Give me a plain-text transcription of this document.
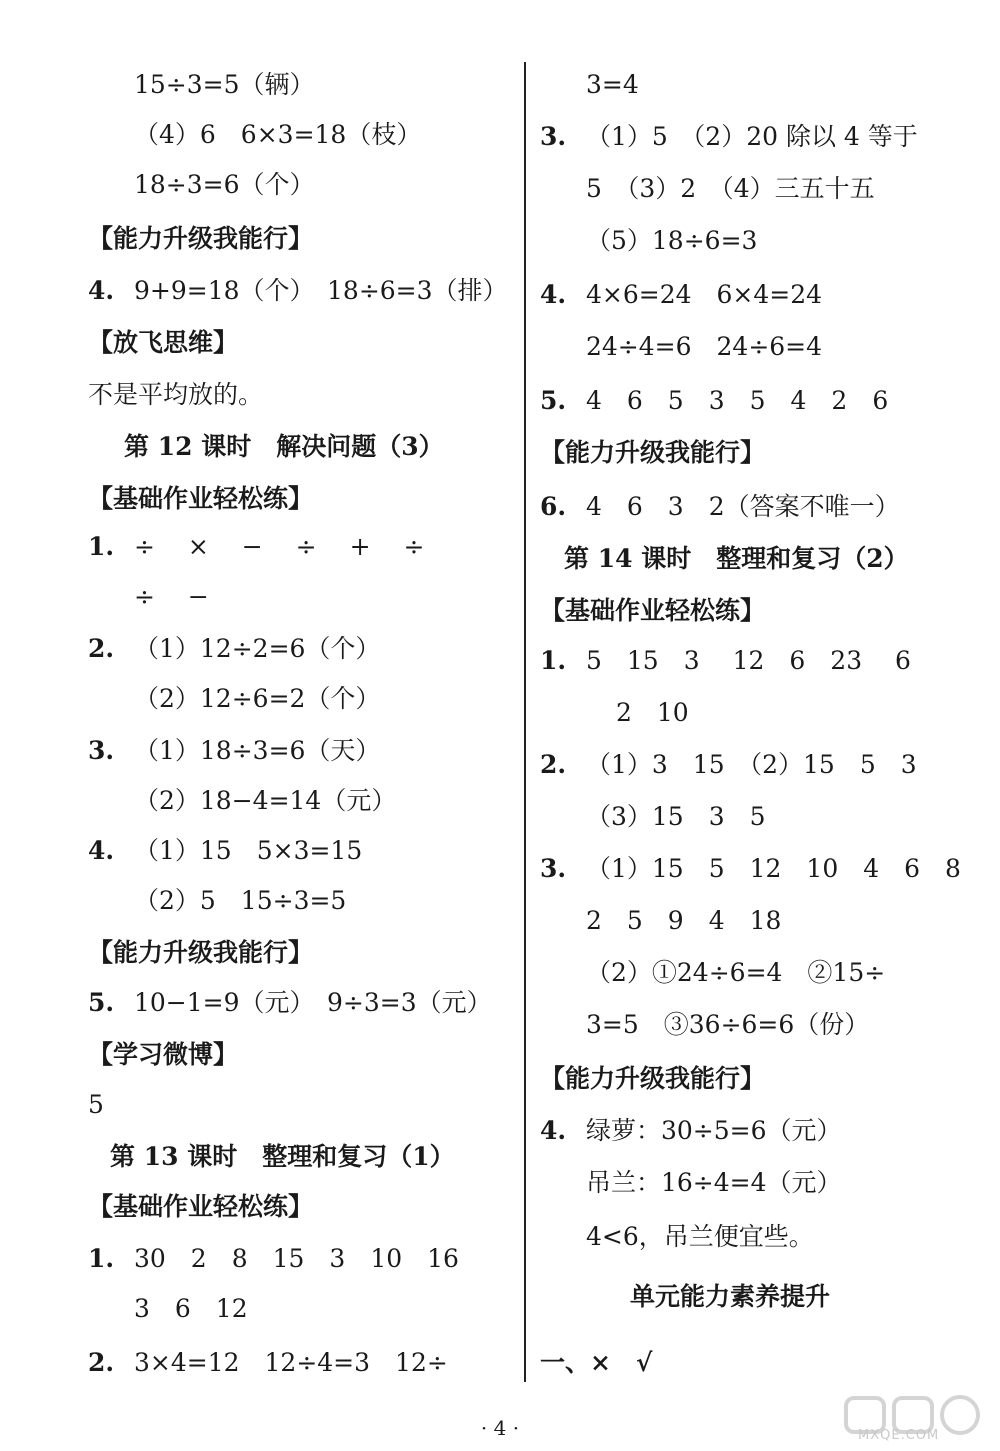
15÷3=5（辆）
（4）6　6×3=18（枝）
18÷3=6（个）
【能力升级我能行】
4. 9+9=18（个）　18÷6=3（排）
【放飞思维】
不是平均放的。
第 12 课时　解决问题（3）
【基础作业轻松练】
1. ÷　 ×　 −　 ÷　 +　 ÷
÷　 −
2. （1）12÷2=6（个）
（2）12÷6=2（个）
3. （1）18÷3=6（天）
（2）18−4=14（元）
4. （1）15　5×3=15
（2）5　15÷3=5
【能力升级我能行】
5. 10−1=9（元）　9÷3=3（元）
【学习微博】
5
第 13 课时　整理和复习（1）
【基础作业轻松练】
1. 30　2　8　15　3　10　16
3　6　12
2. 3×4=12　12÷4=3　12÷
3=4
3. （1）5　（2）20 除以 4 等于
5　（3）2　（4）三五十五
（5）18÷6=3
4. 4×6=24　6×4=24
24÷4=6　24÷6=4
5. 4　6　5　3　5　4　2　6
【能力升级我能行】
6. 4　6　3　2（答案不唯一）
第 14 课时　整理和复习（2）
【基础作业轻松练】
1. 5　15　3　 12　6　23　 6
2　10
2. （1）3　15　（2）15　5　3
（3）15　3　5
3. （1）15　5　12　10　4　6　8
2　5　9　4　18
（2）①24÷6=4　②15÷
3=5　③36÷6=6（份）
【能力升级我能行】
4. 绿萝：30÷5=6（元）
吊兰：16÷4=4（元）
4<6，吊兰便宜些。
单元能力素养提升
一、×　√
· 4 ·	MXQE.COM
